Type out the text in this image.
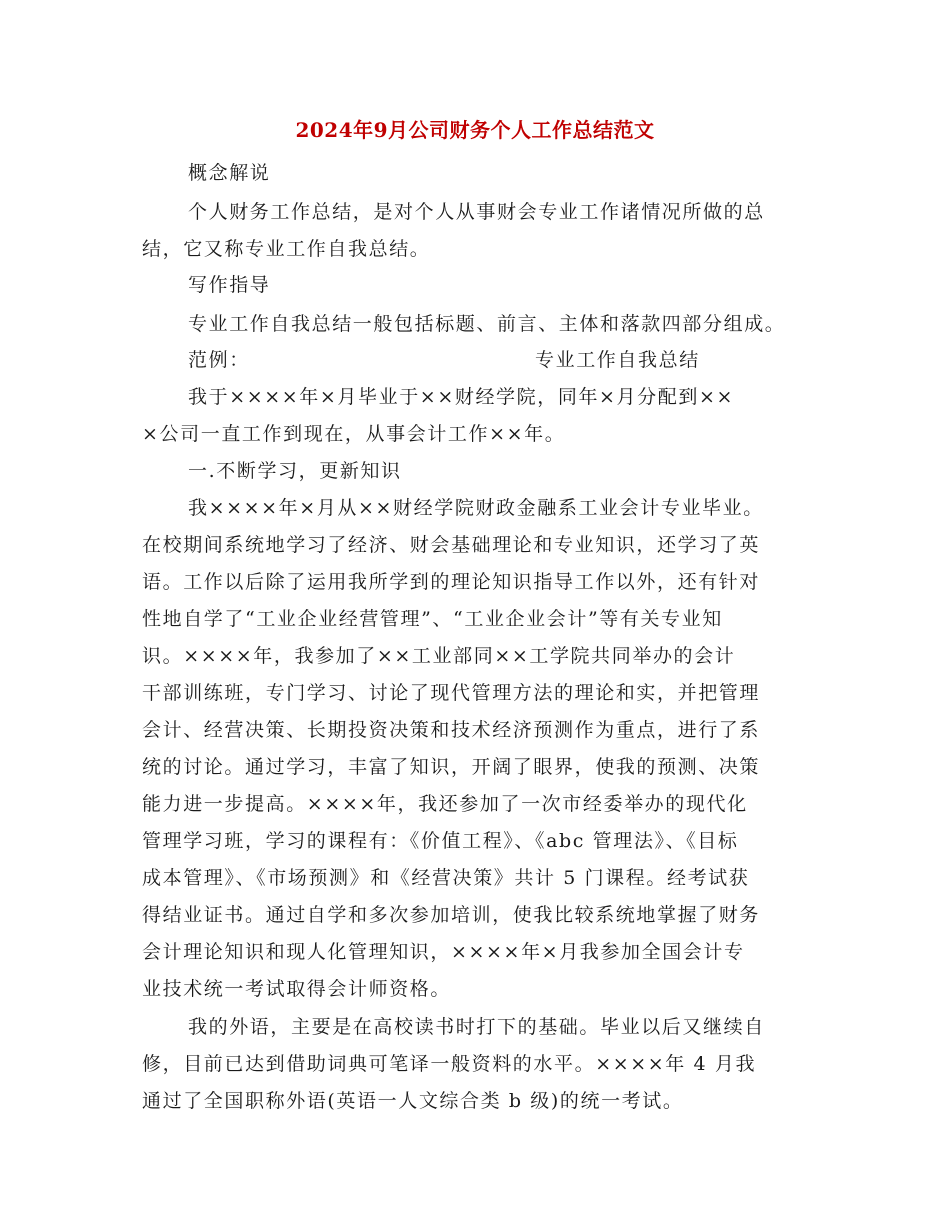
2024年9月公司财务个人工作总结范文
概念解说
个人财务工作总结，是对个人从事财会专业工作诸情况所做的总
结，它又称专业工作自我总结。
写作指导
专业工作自我总结一般包括标题、前言、主体和落款四部分组成。
范例：	专业工作自我总结
我于××××年×月毕业于××财经学院，同年×月分配到××
×公司一直工作到现在，从事会计工作××年。
一.不断学习，更新知识
我××××年×月从××财经学院财政金融系工业会计专业毕业。
在校期间系统地学习了经济、财会基础理论和专业知识，还学习了英
语。工作以后除了运用我所学到的理论知识指导工作以外，还有针对
性地自学了“工业企业经营管理”、“工业企业会计”等有关专业知
识。××××年，我参加了××工业部同××工学院共同举办的会计
干部训练班，专门学习、讨论了现代管理方法的理论和实，并把管理
会计、经营决策、长期投资决策和技术经济预测作为重点，进行了系
统的讨论。通过学习，丰富了知识，开阔了眼界，使我的预测、决策
能力进一步提高。××××年，我还参加了一次市经委举办的现代化
管理学习班，学习的课程有：《价值工程》、《abc 管理法》、《目标
成本管理》、《市场预测》和《经营决策》共计 5 门课程。经考试获
得结业证书。通过自学和多次参加培训，使我比较系统地掌握了财务
会计理论知识和现人化管理知识，××××年×月我参加全国会计专
业技术统一考试取得会计师资格。
我的外语，主要是在高校读书时打下的基础。毕业以后又继续自
修，目前已达到借助词典可笔译一般资料的水平。××××年 4 月我
通过了全国职称外语(英语一人文综合类 b 级)的统一考试。
